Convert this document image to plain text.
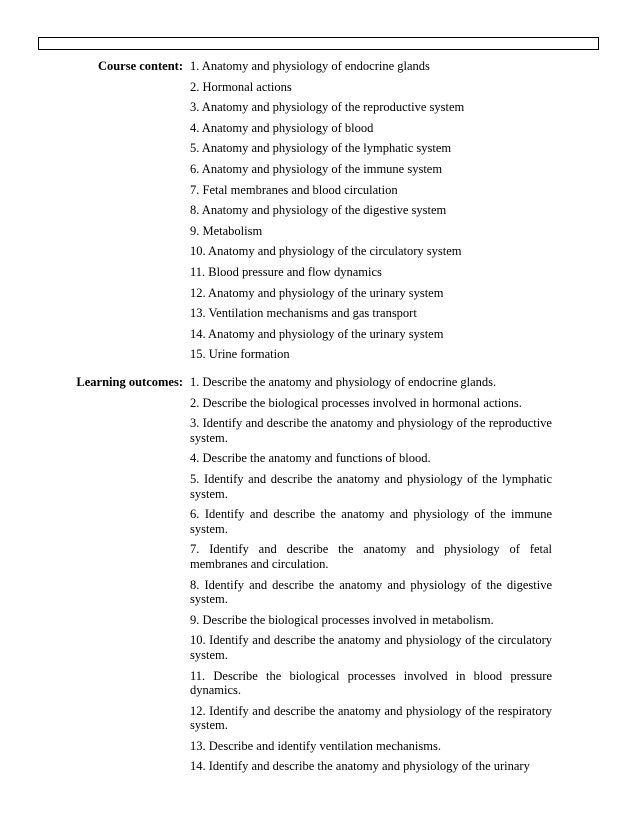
Course content: 1. Anatomy and physiology of endocrine glands
2. Hormonal actions
3. Anatomy and physiology of the reproductive system
4. Anatomy and physiology of blood
5. Anatomy and physiology of the lymphatic system
6. Anatomy and physiology of the immune system
7. Fetal membranes and blood circulation
8. Anatomy and physiology of the digestive system
9. Metabolism
10. Anatomy and physiology of the circulatory system
11. Blood pressure and flow dynamics
12. Anatomy and physiology of the urinary system
13. Ventilation mechanisms and gas transport
14. Anatomy and physiology of the urinary system
15. Urine formation
Learning outcomes: 1. Describe the anatomy and physiology of endocrine glands.
2. Describe the biological processes involved in hormonal actions.
3. Identify and describe the anatomy and physiology of the reproductive system.
4. Describe the anatomy and functions of blood.
5. Identify and describe the anatomy and physiology of the lymphatic system.
6. Identify and describe the anatomy and physiology of the immune system.
7. Identify and describe the anatomy and physiology of fetal membranes and circulation.
8. Identify and describe the anatomy and physiology of the digestive system.
9. Describe the biological processes involved in metabolism.
10. Identify and describe the anatomy and physiology of the circulatory system.
11. Describe the biological processes involved in blood pressure dynamics.
12. Identify and describe the anatomy and physiology of the respiratory system.
13. Describe and identify ventilation mechanisms.
14. Identify and describe the anatomy and physiology of the urinary
